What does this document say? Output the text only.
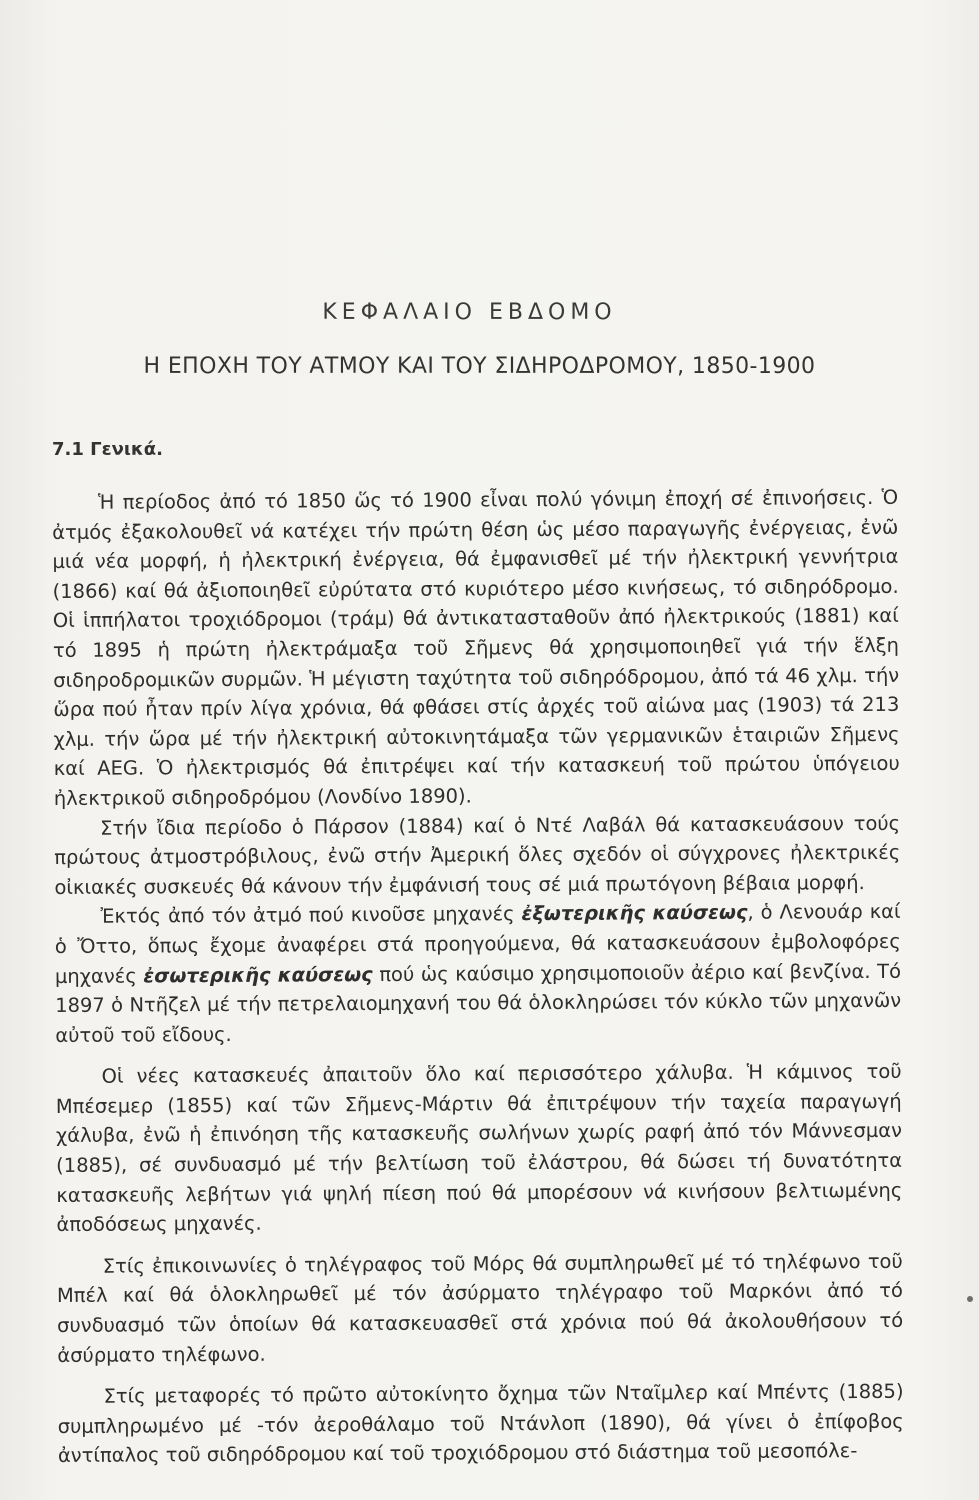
ΚΕΦΑΛΑΙΟ ΕΒΔΟΜΟ
Η ΕΠΟΧΗ ΤΟΥ ΑΤΜΟΥ ΚΑΙ ΤΟΥ ΣΙΔΗΡΟΔΡΟΜΟΥ, 1850-1900
7.1 Γενικά.

Ἡ περίοδος ἀπό τό 1850 ὥς τό 1900 εἶναι πολύ γόνιμη ἐποχή σέ ἐπινοήσεις. Ὁ ἀτμός ἐξακολουθεῖ νά κατέχει τήν πρώτη θέση ὡς μέσο παραγωγῆς ἐνέργειας, ἐνῶ μιά νέα μορφή, ἡ ἠλεκτρική ἐνέργεια, θά ἐμφανισθεῖ μέ τήν ἠλεκτρική γεννήτρια (1866) καί θά ἀξιοποιηθεῖ εὐρύτατα στό κυριότερο μέσο κινήσεως, τό σιδηρόδρομο. Οἱ ἱππήλατοι τροχιόδρομοι (τράμ) θά ἀντικατασταθοῦν ἀπό ἠλεκτρικούς (1881) καί τό 1895 ἡ πρώτη ἠλεκτράμαξα τοῦ Σῆμενς θά χρησιμοποιηθεῖ γιά τήν ἕλξη σιδηροδρομικῶν συρμῶν. Ἡ μέγιστη ταχύτητα τοῦ σιδηρόδρομου, ἀπό τά 46 χλμ. τήν ὥρα πού ἦταν πρίν λίγα χρόνια, θά φθάσει στίς ἀρχές τοῦ αἰώνα μας (1903) τά 213 χλμ. τήν ὥρα μέ τήν ἠλεκτρική αὐτοκινητάμαξα τῶν γερμανικῶν ἑταιριῶν Σῆμενς καί AEG. Ὁ ἠλεκτρισμός θά ἐπιτρέψει καί τήν κατασκευή τοῦ πρώτου ὑπόγειου ἠλεκτρικοῦ σιδηροδρόμου (Λονδίνο 1890).

Στήν ἴδια περίοδο ὁ Πάρσον (1884) καί ὁ Ντέ Λαβάλ θά κατασκευάσουν τούς πρώτους ἀτμοστρόβιλους, ἐνῶ στήν Ἀμερική ὅλες σχεδόν οἱ σύγχρονες ἠλεκτρικές οἰκιακές συσκευές θά κάνουν τήν ἐμφάνισή τους σέ μιά πρωτόγονη βέβαια μορφή.

Ἐκτός ἀπό τόν ἀτμό πού κινοῦσε μηχανές ἐξωτερικῆς καύσεως, ὁ Λενουάρ καί ὁ Ὄττο, ὅπως ἔχομε ἀναφέρει στά προηγούμενα, θά κατασκευάσουν ἐμβολοφόρες μηχανές ἐσωτερικῆς καύσεως πού ὡς καύσιμο χρησιμοποιοῦν ἀέριο καί βενζίνα. Τό 1897 ὁ Ντῆζελ μέ τήν πετρελαιομηχανή του θά ὁλοκληρώσει τόν κύκλο τῶν μηχανῶν αὐτοῦ τοῦ εἴδους.

Οἱ νέες κατασκευές ἀπαιτοῦν ὅλο καί περισσότερο χάλυβα. Ἡ κάμινος τοῦ Μπέσεμερ (1855) καί τῶν Σῆμενς-Μάρτιν θά ἐπιτρέψουν τήν ταχεία παραγωγή χάλυβα, ἐνῶ ἡ ἐπινόηση τῆς κατασκευῆς σωλήνων χωρίς ραφή ἀπό τόν Μάννεσμαν (1885), σέ συνδυασμό μέ τήν βελτίωση τοῦ ἐλάστρου, θά δώσει τή δυνατότητα κατασκευῆς λεβήτων γιά ψηλή πίεση πού θά μπορέσουν νά κινήσουν βελτιωμένης ἀποδόσεως μηχανές.

Στίς ἐπικοινωνίες ὁ τηλέγραφος τοῦ Μόρς θά συμπληρωθεῖ μέ τό τηλέφωνο τοῦ Μπέλ καί θά ὁλοκληρωθεῖ μέ τόν ἀσύρματο τηλέγραφο τοῦ Μαρκόνι ἀπό τό συνδυασμό τῶν ὁποίων θά κατασκευασθεῖ στά χρόνια πού θά ἀκολουθήσουν τό ἀσύρματο τηλέφωνο.

Στίς μεταφορές τό πρῶτο αὐτοκίνητο ὄχημα τῶν Νταῖμλερ καί Μπέντς (1885) συμπληρωμένο μέ -τόν ἀεροθάλαμο τοῦ Ντάνλοπ (1890), θά γίνει ὁ ἐπίφοβος ἀντίπαλος τοῦ σιδηρόδρομου καί τοῦ τροχιόδρομου στό διάστημα τοῦ μεσοπόλε-
